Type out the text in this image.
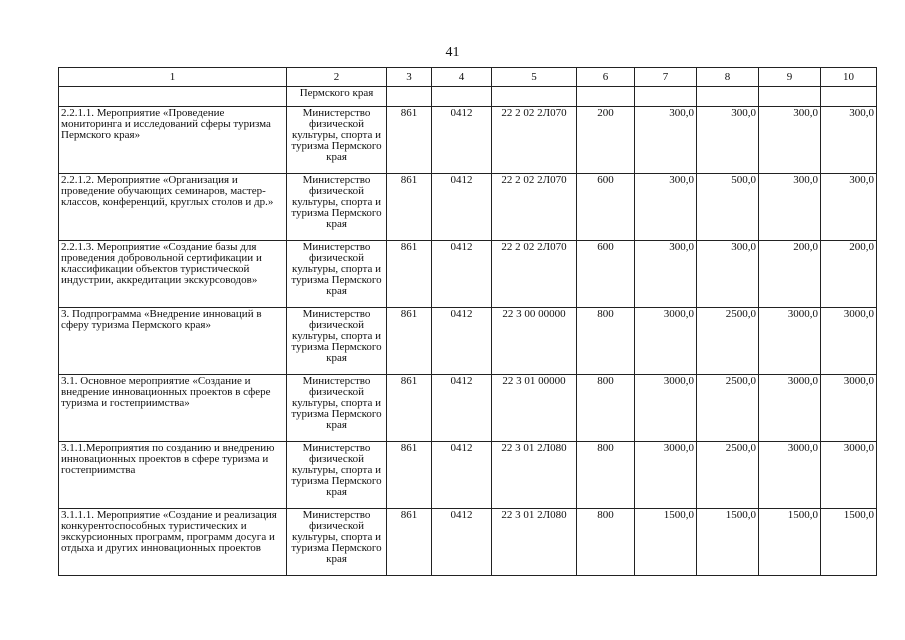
41
1	2	3	4	5	6	7	8	9	10
	Пермского края								
2.2.1.1. Мероприятие «Проведение мониторинга и исследований сферы туризма Пермского края»	Министерство физической культуры, спорта и туризма Пермского края	861	0412	22 2 02 2Л070	200	300,0	300,0	300,0	300,0
2.2.1.2. Мероприятие «Организация и проведение обучающих семинаров, мастер-классов, конференций, круглых столов и др.»	Министерство физической культуры, спорта и туризма Пермского края	861	0412	22 2 02 2Л070	600	300,0	500,0	300,0	300,0
2.2.1.3. Мероприятие «Создание базы для проведения добровольной сертификации и классификации объектов туристической индустрии, аккредитации экскурсоводов»	Министерство физической культуры, спорта и туризма Пермского края	861	0412	22 2 02 2Л070	600	300,0	300,0	200,0	200,0
3. Подпрограмма «Внедрение инноваций в сферу туризма Пермского края»	Министерство физической культуры, спорта и туризма Пермского края	861	0412	22 3 00 00000	800	3000,0	2500,0	3000,0	3000,0
3.1. Основное мероприятие «Создание и внедрение инновационных проектов в сфере туризма и гостеприимства»	Министерство физической культуры, спорта и туризма Пермского края	861	0412	22 3 01 00000	800	3000,0	2500,0	3000,0	3000,0
3.1.1.Мероприятия по созданию и внедрению инновационных проектов в сфере туризма и гостеприимства	Министерство физической культуры, спорта и туризма Пермского края	861	0412	22 3 01 2Л080	800	3000,0	2500,0	3000,0	3000,0
3.1.1.1. Мероприятие «Создание и реализация конкурентоспособных туристических и экскурсионных программ, программ досуга и отдыха и других инновационных проектов	Министерство физической культуры, спорта и туризма Пермского края	861	0412	22 3 01 2Л080	800	1500,0	1500,0	1500,0	1500,0
